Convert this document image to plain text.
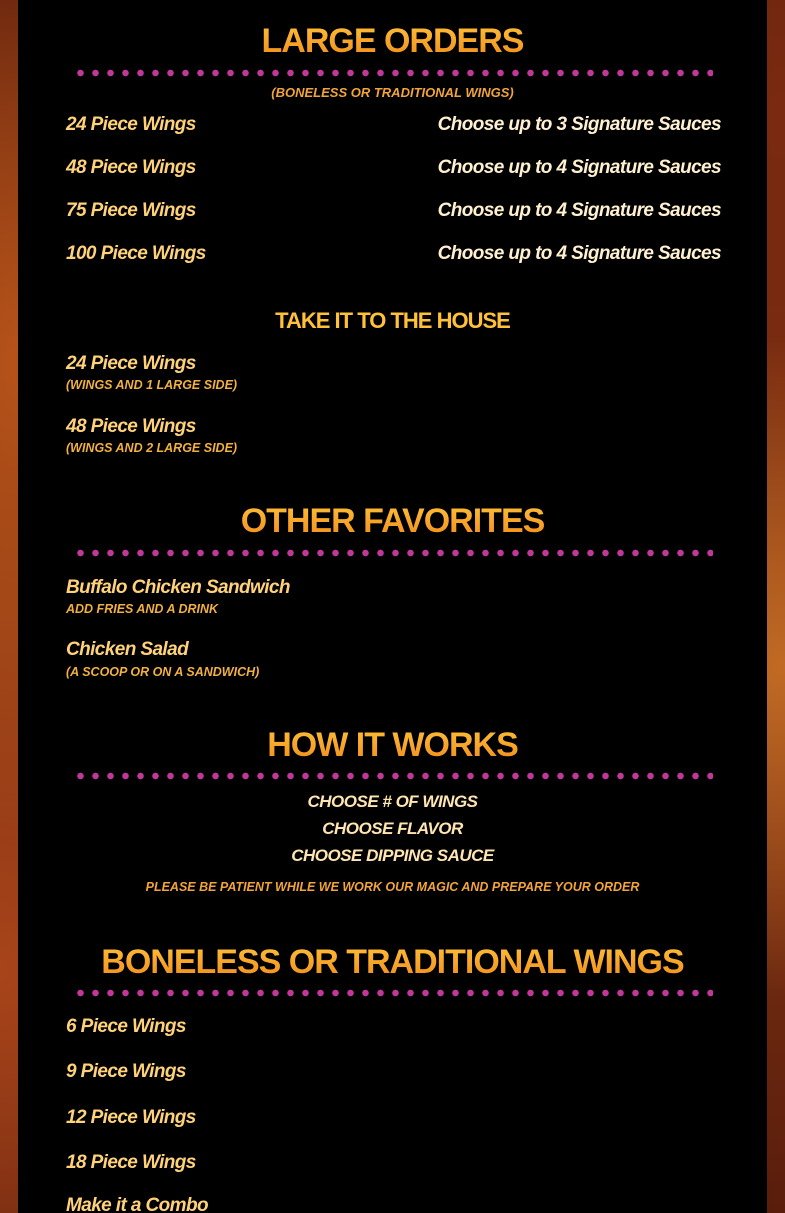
LARGE ORDERS
(BONELESS OR TRADITIONAL WINGS)
24 Piece Wings	Choose up to 3 Signature Sauces
48 Piece Wings	Choose up to 4 Signature Sauces
75 Piece Wings	Choose up to 4 Signature Sauces
100 Piece Wings	Choose up to 4 Signature Sauces
TAKE IT TO THE HOUSE
24 Piece Wings
(WINGS AND 1 LARGE SIDE)
48 Piece Wings
(WINGS AND 2 LARGE SIDE)
OTHER FAVORITES
Buffalo Chicken Sandwich
ADD FRIES AND A DRINK
Chicken Salad
(A SCOOP OR ON A SANDWICH)
HOW IT WORKS
CHOOSE # OF WINGS
CHOOSE FLAVOR
CHOOSE DIPPING SAUCE
PLEASE BE PATIENT WHILE WE WORK OUR MAGIC AND PREPARE YOUR ORDER
BONELESS OR TRADITIONAL WINGS
6 Piece Wings
9 Piece Wings
12 Piece Wings
18 Piece Wings
Make it a Combo
